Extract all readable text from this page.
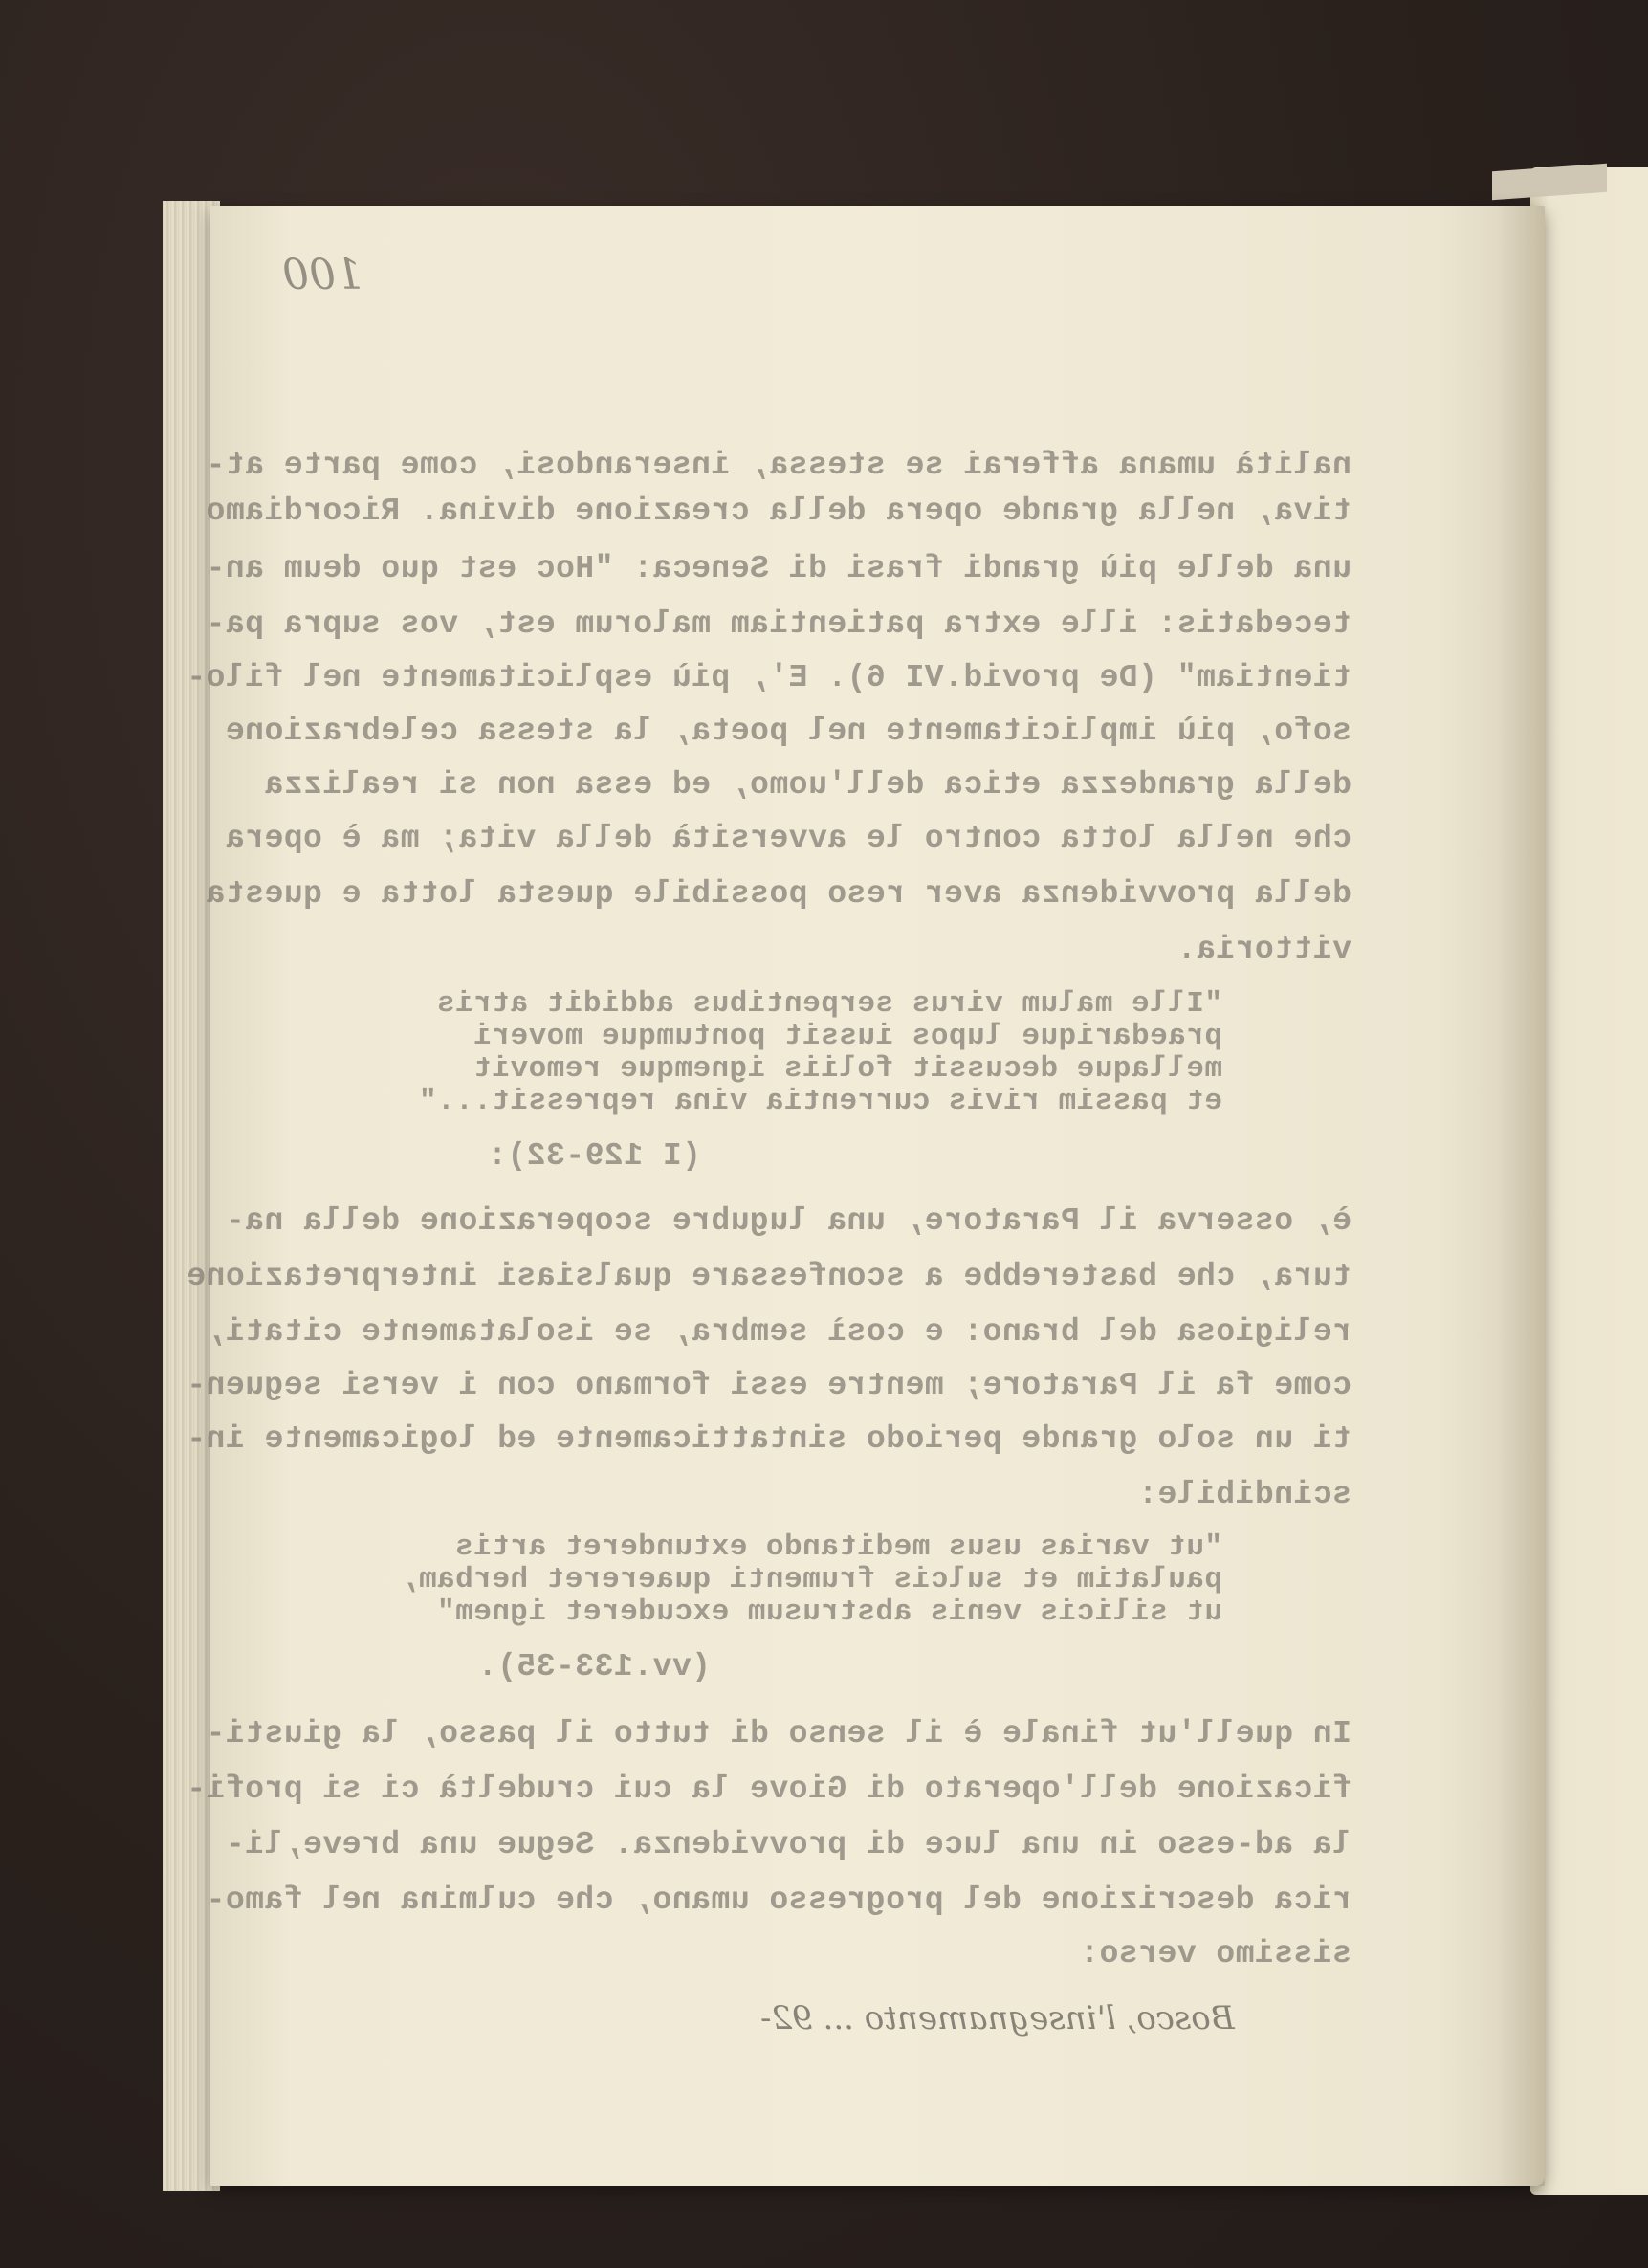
100
nalità umana afferai se stessa, inserandosi, come parte at-
tiva, nella grande opera della creazione divina. Ricordiamo
una delle più grandi frasi di Seneca: "Hoc est quo deum an-
tecedatis: ille extra patientiam malorum est, vos supra pa-
tientiam" (De provid.VI 6). E', più esplicitamente nel filo-
sofo, più implicitamente nel poeta, la stessa celebrazione
della grandezza etica dell'uomo, ed essa non si realizza
che nella lotta contro le avversità della vita; ma è opera
della provvidenza aver reso possibile questa lotta e questa
vittoria.
"Ille malum virus serpentibus addidit atris
praedarique lupos iussit pontumque moveri
mellaque decussit foliis ignemque removit
et passim rivis currentia vina repressit..."
(I 129-32):
è, osserva il Paratore, una lugubre scoperazione della na-
tura, che basterebbe a sconfessare qualsiasi interpretazione
religiosa del brano: e così sembra, se isolatamente citati,
come fa il Paratore; mentre essi formano con i versi seguen-
ti un solo grande periodo sintatticamente ed logicamente in-
scindibile:
"ut varias usus meditando extunderet artis
paulatim et sulcis frumenti quaereret herbam,
ut silicis venis abstrusum excuderet ignem"
(vv.133-35).
In quell'ut finale è il senso di tutto il passo, la giusti-
ficazione dell'operato di Giove la cui crudeltà ci si profi-
la ad-esso in una luce di provvidenza. Segue una breve,li-
rica descrizione del progresso umano, che culmina nel famo-
sissimo verso:
Bosco, l'insegnamento ... 92-
